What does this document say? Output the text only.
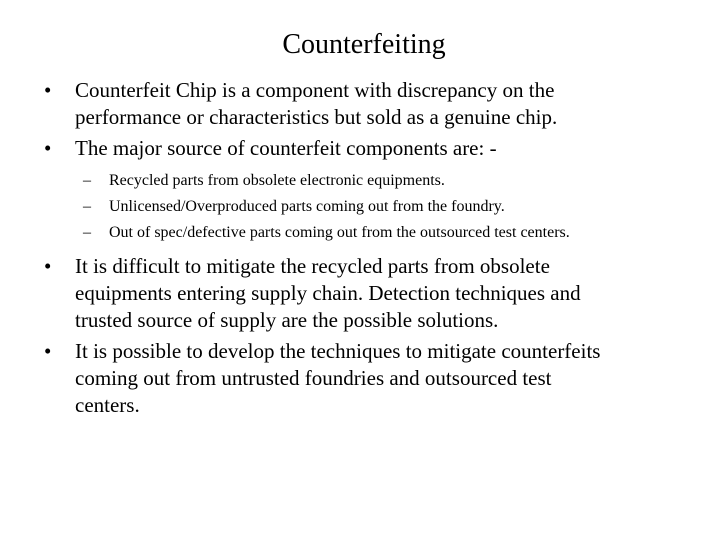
Counterfeiting
•	Counterfeit Chip is a component with discrepancy on the
performance or characteristics but sold as a genuine chip.
•	The major source of counterfeit components are: -
– Recycled parts from obsolete electronic equipments.
– Unlicensed/Overproduced parts coming out from the foundry.
– Out of spec/defective parts coming out from the outsourced test centers.
•	It is difficult to mitigate the recycled parts from obsolete
equipments entering supply chain. Detection techniques and
trusted source of supply are the possible solutions.
•	It is possible to develop the techniques to mitigate counterfeits
coming out from untrusted foundries and outsourced test
centers.
